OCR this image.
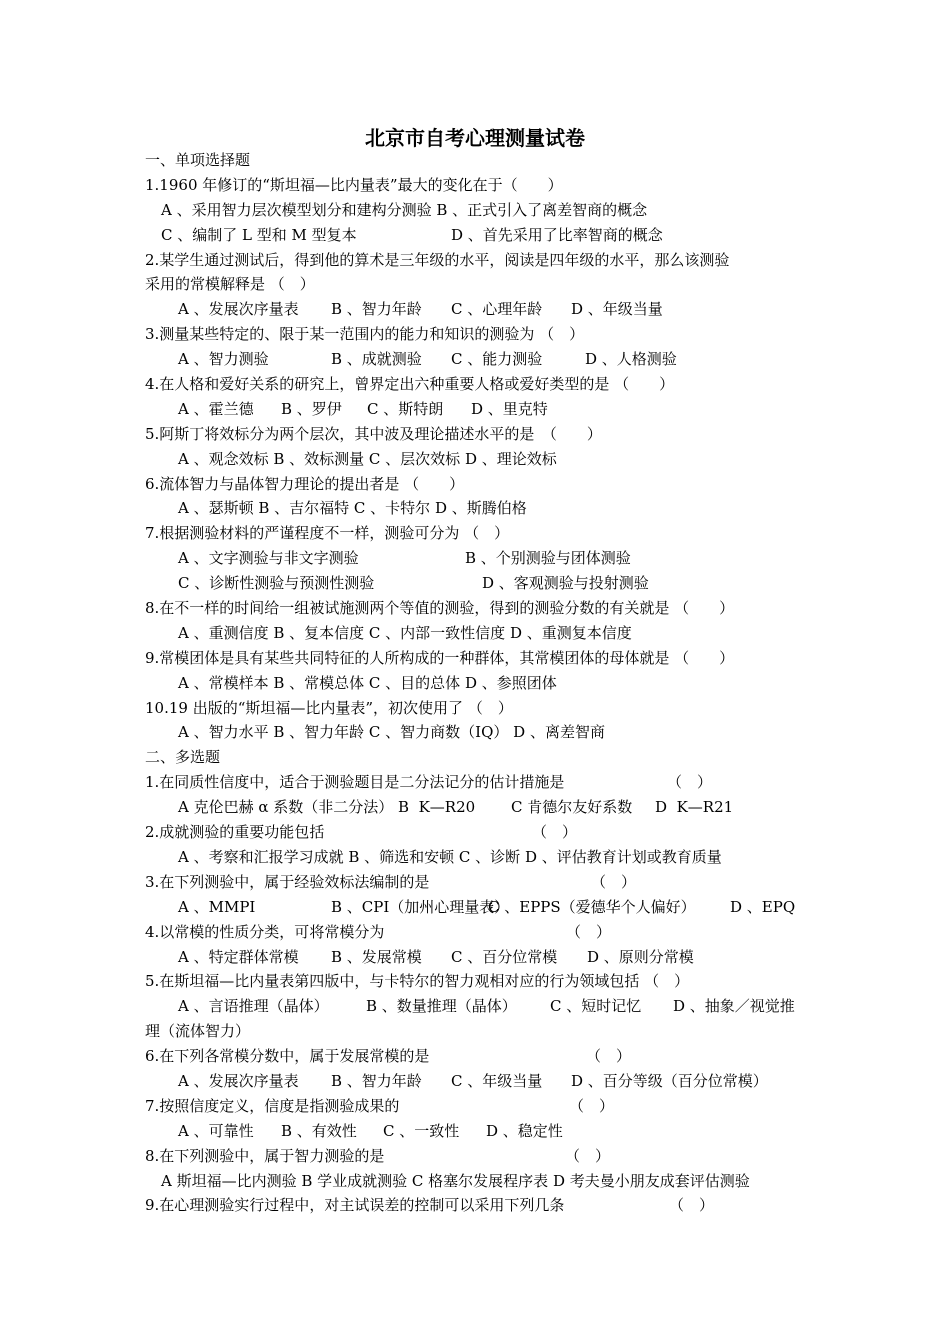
北京市自考心理测量试卷
一、单项选择题
1.1960 年修订的“斯坦福—比内量表”最大的变化在于（　　）
A 、采用智力层次模型划分和建构分测验 B 、正式引入了离差智商的概念
C 、编制了 L 型和 M 型复本	D 、首先采用了比率智商的概念
2.某学生通过测试后，得到他的算术是三年级的水平，阅读是四年级的水平，那么该测验
采用的常模解释是 （　）
A 、发展次序量表 B 、智力年龄 C 、心理年龄 D 、年级当量
3.测量某些特定的、限于某一范围内的能力和知识的测验为 （　）
A 、智力测验	B 、成就测验 C 、能力测验	D 、人格测验
4.在人格和爱好关系的研究上，曾界定出六种重要人格或爱好类型的是 （　　）
A 、霍兰德 B 、罗伊 C 、斯特朗 D 、里克特
5.阿斯丁将效标分为两个层次，其中波及理论描述水平的是　（　　）
A 、观念效标 B 、效标测量 C 、层次效标 D 、理论效标
6.流体智力与晶体智力理论的提出者是 （　　）
A 、瑟斯顿 B 、吉尔福特 C 、卡特尔 D 、斯腾伯格
7.根据测验材料的严谨程度不一样，测验可分为 （　）
A 、文字测验与非文字测验	B 、个别测验与团体测验
C 、诊断性测验与预测性测验	D 、客观测验与投射测验
8.在不一样的时间给一组被试施测两个等值的测验，得到的测验分数的有关就是 （　　）
A 、重测信度 B 、复本信度 C 、内部一致性信度 D 、重测复本信度
9.常模团体是具有某些共同特征的人所构成的一种群体，其常模团体的母体就是 （　　）
A 、常模样本 B 、常模总体 C 、目的总体 D 、参照团体
10.19 出版的“斯坦福—比内量表”，初次使用了 （　）
A 、智力水平 B 、智力年龄 C 、智力商数（IQ） D 、离差智商
二、多选题
1.在同质性信度中，适合于测验题目是二分法记分的估计措施是	（　）
A 克伦巴赫 α 系数（非二分法） B  K—R20 C 肯德尔友好系数 D  K—R21
2.成就测验的重要功能包括	（　）
A 、考察和汇报学习成就 B 、筛选和安顿 C 、诊断 D 、评估教育计划或教育质量
3.在下列测验中，属于经验效标法编制的是	（　）
A 、MMPI	B 、CPI（加州心理量表）
C 、EPPS（爱德华个人偏好） D 、EPQ
4.以常模的性质分类，可将常模分为	（　）
A 、特定群体常模 B 、发展常模 C 、百分位常模 D 、原则分常模
5.在斯坦福—比内量表第四版中，与卡特尔的智力观相对应的行为领域包括 （　）
A 、言语推理（晶体） B 、数量推理（晶体） C 、短时记忆 D 、抽象／视觉推
理（流体智力）
6.在下列各常模分数中，属于发展常模的是	（　）
A 、发展次序量表 B 、智力年龄 C 、年级当量 D 、百分等级（百分位常模）
7.按照信度定义，信度是指测验成果的	（　）
A 、可靠性 B 、有效性 C 、一致性 D 、稳定性
8.在下列测验中，属于智力测验的是	（　）
A 斯坦福—比内测验 B 学业成就测验 C 格塞尔发展程序表 D 考夫曼小朋友成套评估测验
9.在心理测验实行过程中，对主试误差的控制可以采用下列几条	（　）
